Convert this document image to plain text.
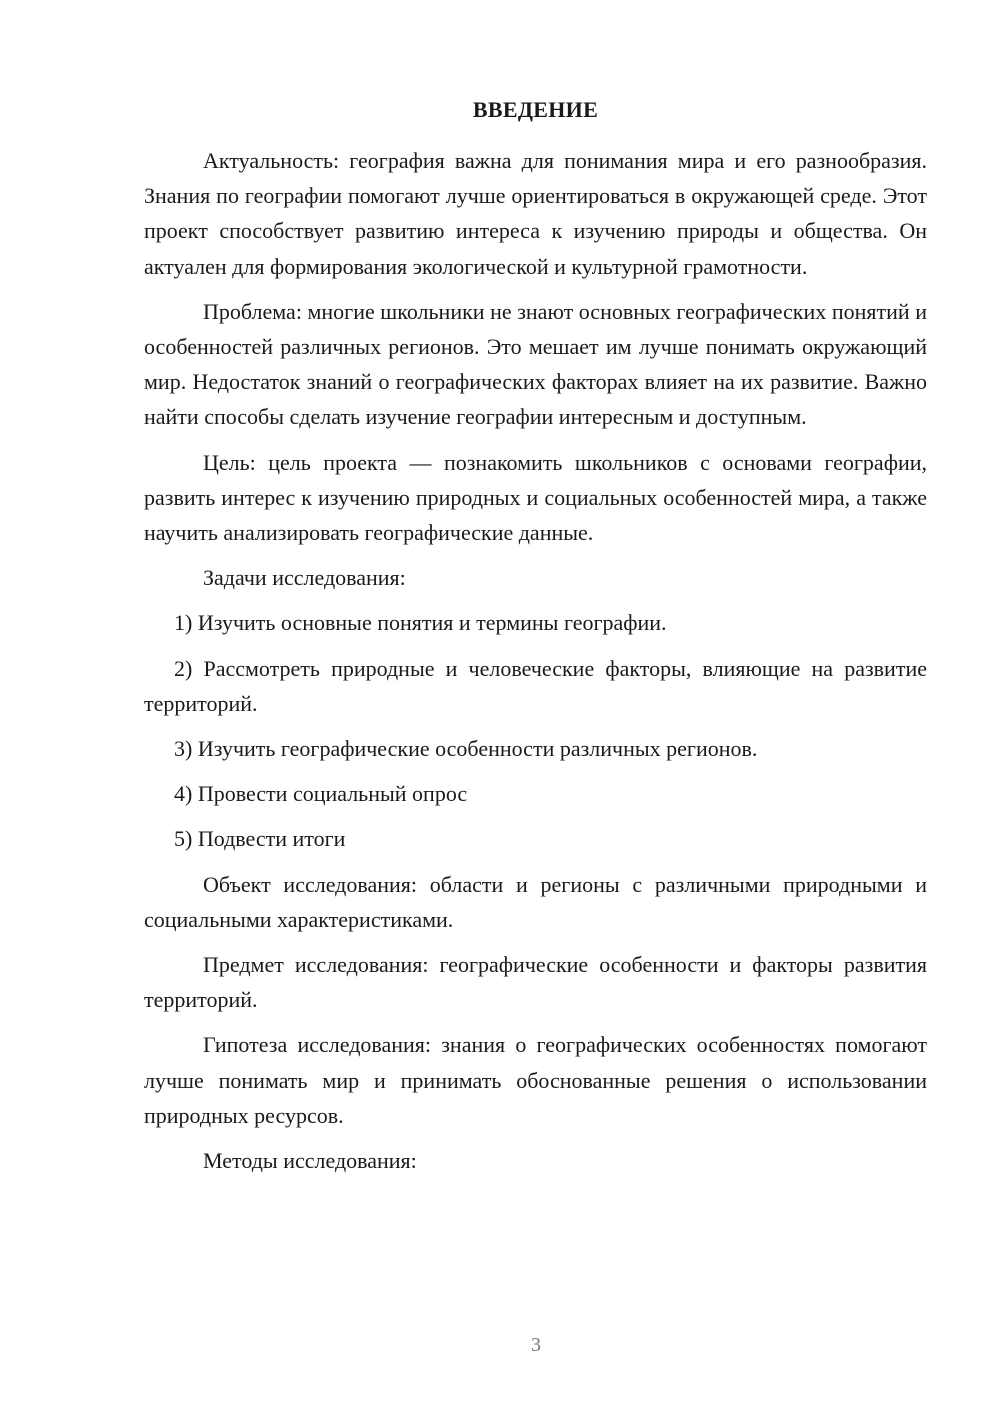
ВВЕДЕНИЕ

Актуальность: география важна для понимания мира и его разнообразия. Знания по географии помогают лучше ориентироваться в окружающей среде. Этот проект способствует развитию интереса к изучению природы и общества. Он актуален для формирования экологической и культурной грамотности.

Проблема: многие школьники не знают основных географических понятий и особенностей различных регионов. Это мешает им лучше понимать окружающий мир. Недостаток знаний о географических факторах влияет на их развитие. Важно найти способы сделать изучение географии интересным и доступным.

Цель: цель проекта — познакомить школьников с основами географии, развить интерес к изучению природных и социальных особенностей мира, а также научить анализировать географические данные.

Задачи исследования:

1) Изучить основные понятия и термины географии.

2) Рассмотреть природные и человеческие факторы, влияющие на развитие территорий.

3) Изучить географические особенности различных регионов.

4) Провести социальный опрос

5) Подвести итоги

Объект исследования: области и регионы с различными природными и социальными характеристиками.

Предмет исследования: географические особенности и факторы развития территорий.

Гипотеза исследования: знания о географических особенностях помогают лучше понимать мир и принимать обоснованные решения о использовании природных ресурсов.

Методы исследования:

3
